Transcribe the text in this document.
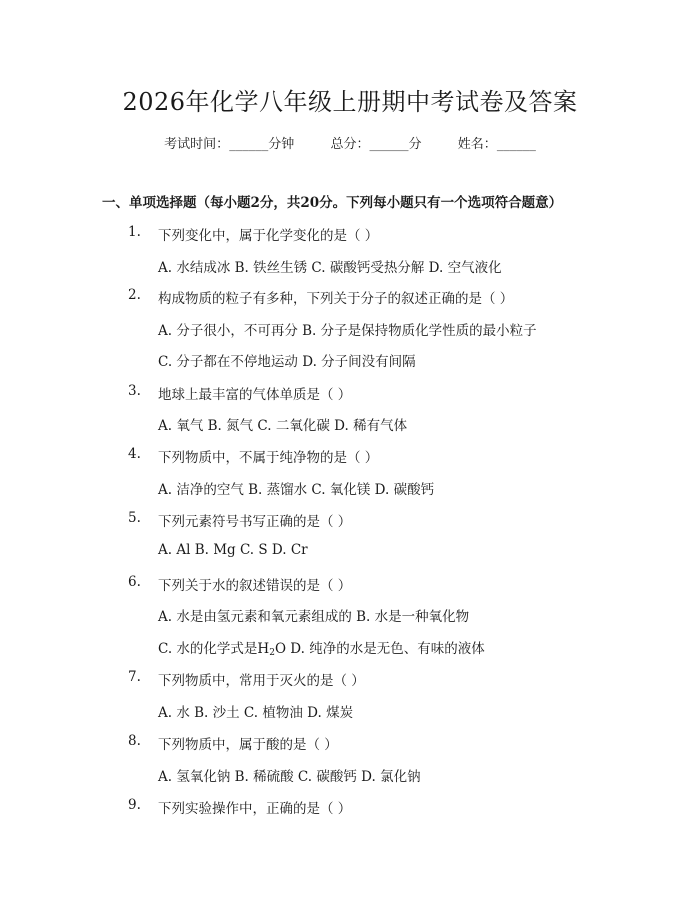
2026年化学八年级上册期中考试卷及答案
考试时间：______分钟	总分：______分	姓名：______
一、单项选择题（每小题2分，共20分。下列每小题只有一个选项符合题意）
1.	下列变化中，属于化学变化的是（ ）
A. 水结成冰 B. 铁丝生锈 C. 碳酸钙受热分解 D. 空气液化
2.	构成物质的粒子有多种，下列关于分子的叙述正确的是（ ）
A. 分子很小，不可再分 B. 分子是保持物质化学性质的最小粒子
C. 分子都在不停地运动 D. 分子间没有间隔
3.	地球上最丰富的气体单质是（ ）
A. 氧气 B. 氮气 C. 二氧化碳 D. 稀有气体
4.	下列物质中，不属于纯净物的是（ ）
A. 洁净的空气 B. 蒸馏水 C. 氧化镁 D. 碳酸钙
5.	下列元素符号书写正确的是（ ）
A. Al B. Mg C. S D. Cr
6.	下列关于水的叙述错误的是（ ）
A. 水是由氢元素和氧元素组成的 B. 水是一种氧化物
C. 水的化学式是$H_2O$ D. 纯净的水是无色、有味的液体
7.	下列物质中，常用于灭火的是（ ）
A. 水 B. 沙土 C. 植物油 D. 煤炭
8.	下列物质中，属于酸的是（ ）
A. 氢氧化钠 B. 稀硫酸 C. 碳酸钙 D. 氯化钠
9.	下列实验操作中，正确的是（ ）
